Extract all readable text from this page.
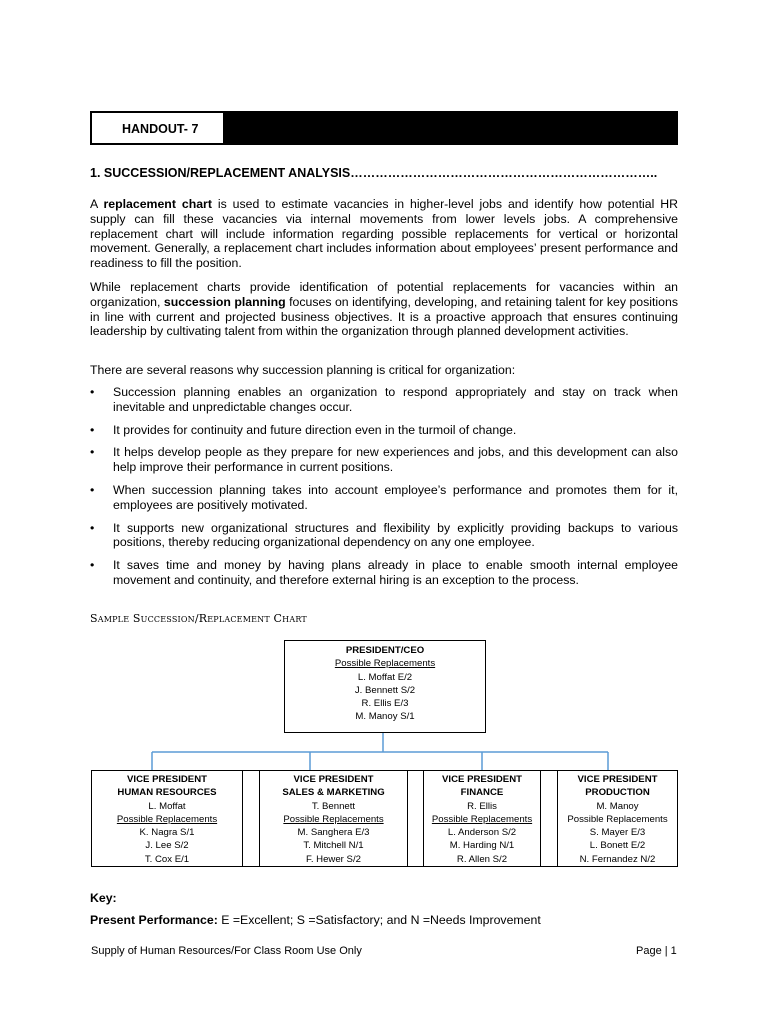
HANDOUT- 7
1. SUCCESSION/REPLACEMENT ANALYSIS………………………………………………………………..

A replacement chart is used to estimate vacancies in higher-level jobs and identify how potential HR supply can fill these vacancies via internal movements from lower levels jobs. A comprehensive replacement chart will include information regarding possible replacements for vertical or horizontal movement. Generally, a replacement chart includes information about employees’ present performance and readiness to fill the position.

While replacement charts provide identification of potential replacements for vacancies within an organization, succession planning focuses on identifying, developing, and retaining talent for key positions in line with current and projected business objectives. It is a proactive approach that ensures continuing leadership by cultivating talent from within the organization through planned development activities.

There are several reasons why succession planning is critical for organization:

• Succession planning enables an organization to respond appropriately and stay on track when inevitable and unpredictable changes occur.
• It provides for continuity and future direction even in the turmoil of change.
• It helps develop people as they prepare for new experiences and jobs, and this development can also help improve their performance in current positions.
• When succession planning takes into account employee’s performance and promotes them for it, employees are positively motivated.
• It supports new organizational structures and flexibility by explicitly providing backups to various positions, thereby reducing organizational dependency on any one employee.
• It saves time and money by having plans already in place to enable smooth internal employee movement and continuity, and therefore external hiring is an exception to the process.
Sample Succession/Replacement Chart
PRESIDENT/CEO
Possible Replacements
L. Moffat E/2
J. Bennett S/2
R. Ellis E/3
M. Manoy S/1
VICE PRESIDENT
HUMAN RESOURCES
L. Moffat
Possible Replacements
K. Nagra S/1
J. Lee S/2
T. Cox E/1
VICE PRESIDENT
SALES & MARKETING
T. Bennett
Possible Replacements
M. Sanghera E/3
T. Mitchell N/1
F. Hewer S/2
VICE PRESIDENT
FINANCE
R. Ellis
Possible Replacements
L. Anderson S/2
M. Harding N/1
R. Allen S/2
VICE PRESIDENT
PRODUCTION
M. Manoy
Possible Replacements
S. Mayer E/3
L. Bonett E/2
N. Fernandez N/2
Key:
Present Performance: E =Excellent; S =Satisfactory; and N =Needs Improvement
Supply of Human Resources/For Class Room Use Only	Page | 1
